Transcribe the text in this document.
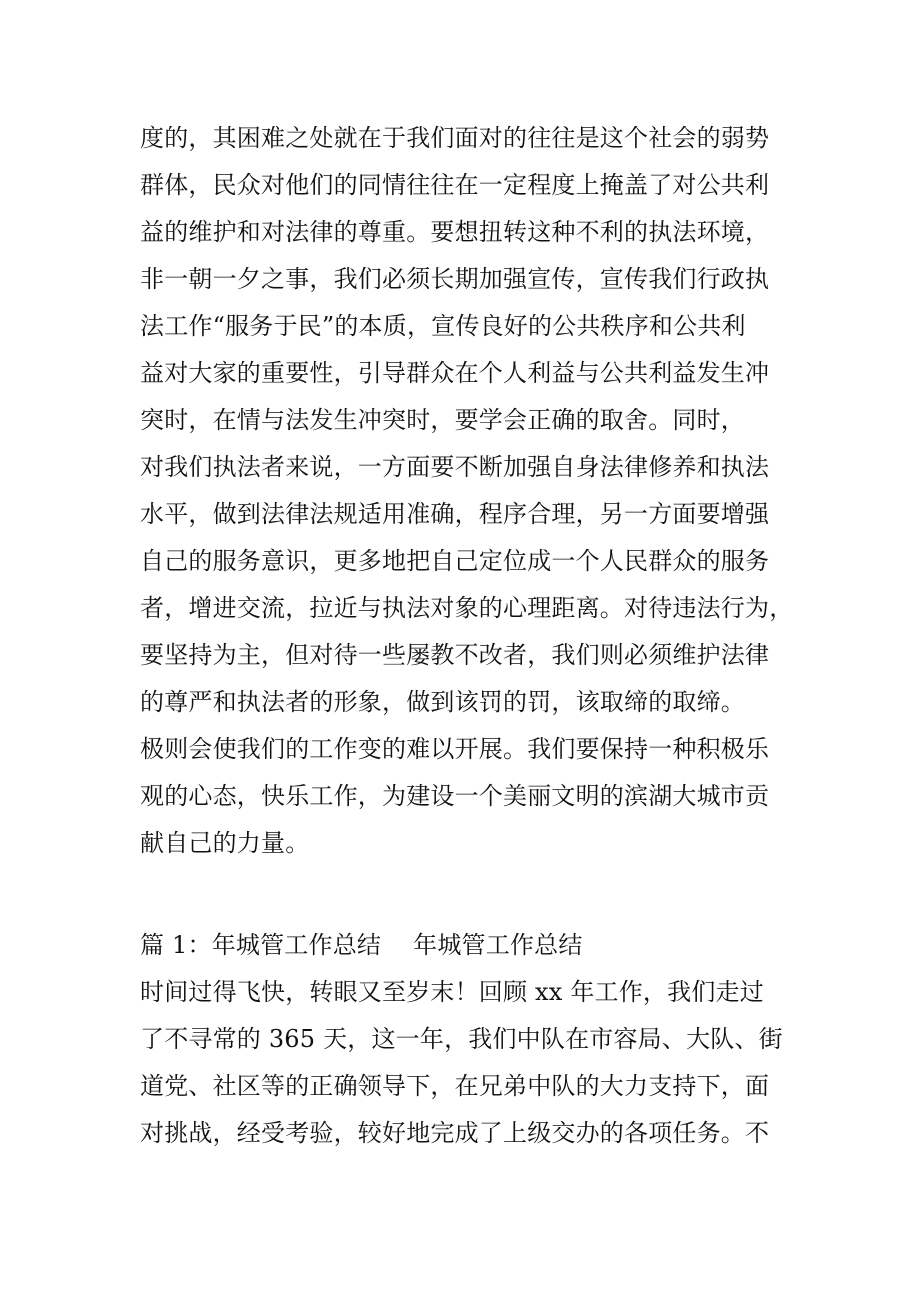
度的，其困难之处就在于我们面对的往往是这个社会的弱势
群体，民众对他们的同情往往在一定程度上掩盖了对公共利
益的维护和对法律的尊重。要想扭转这种不利的执法环境，
非一朝一夕之事，我们必须长期加强宣传，宣传我们行政执
法工作“服务于民”的本质，宣传良好的公共秩序和公共利
益对大家的重要性，引导群众在个人利益与公共利益发生冲
突时，在情与法发生冲突时，要学会正确的取舍。同时，
对我们执法者来说，一方面要不断加强自身法律修养和执法
水平，做到法律法规适用准确，程序合理，另一方面要增强
自己的服务意识，更多地把自己定位成一个人民群众的服务
者，增进交流，拉近与执法对象的心理距离。对待违法行为，
要坚持为主，但对待一些屡教不改者，我们则必须维护法律
的尊严和执法者的形象，做到该罚的罚，该取缔的取缔。
极则会使我们的工作变的难以开展。我们要保持一种积极乐
观的心态，快乐工作，为建设一个美丽文明的滨湖大城市贡
献自己的力量。
篇 1：年城管工作总结　 年城管工作总结
时间过得飞快，转眼又至岁末！回顾 xx 年工作，我们走过
了不寻常的 365 天，这一年，我们中队在市容局、大队、街
道党、社区等的正确领导下，在兄弟中队的大力支持下，面
对挑战，经受考验，较好地完成了上级交办的各项任务。不
